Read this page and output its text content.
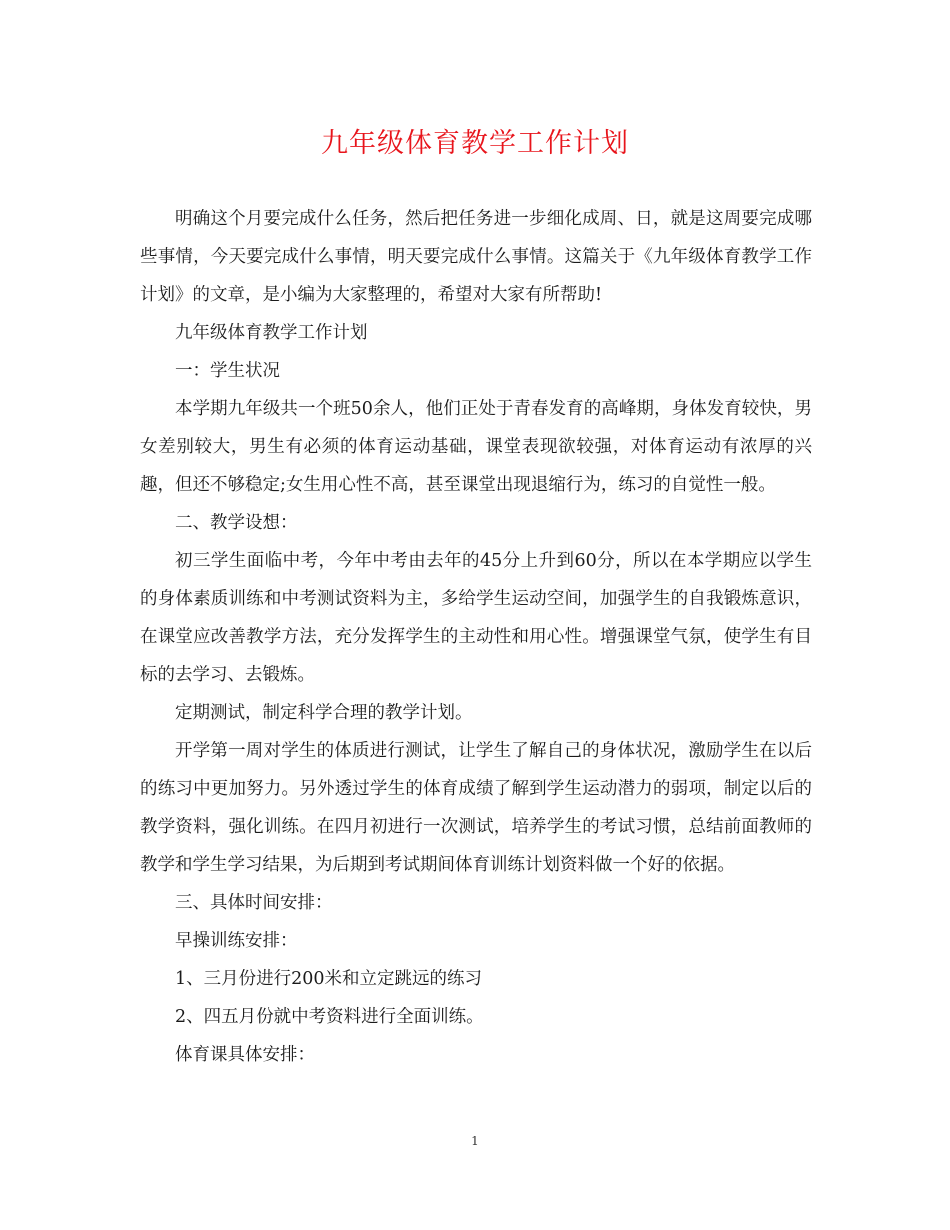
九年级体育教学工作计划

明确这个月要完成什么任务，然后把任务进一步细化成周、日，就是这周要完成哪些事情，今天要完成什么事情，明天要完成什么事情。这篇关于《九年级体育教学工作计划》的文章，是小编为大家整理的，希望对大家有所帮助!

九年级体育教学工作计划

一：学生状况

本学期九年级共一个班50余人，他们正处于青春发育的高峰期，身体发育较快，男女差别较大，男生有必须的体育运动基础，课堂表现欲较强，对体育运动有浓厚的兴趣，但还不够稳定;女生用心性不高，甚至课堂出现退缩行为，练习的自觉性一般。

二、教学设想：

初三学生面临中考，今年中考由去年的45分上升到60分，所以在本学期应以学生的身体素质训练和中考测试资料为主，多给学生运动空间，加强学生的自我锻炼意识，在课堂应改善教学方法，充分发挥学生的主动性和用心性。增强课堂气氛，使学生有目标的去学习、去锻炼。

定期测试，制定科学合理的教学计划。

开学第一周对学生的体质进行测试，让学生了解自己的身体状况，激励学生在以后的练习中更加努力。另外透过学生的体育成绩了解到学生运动潜力的弱项，制定以后的教学资料，强化训练。在四月初进行一次测试，培养学生的考试习惯，总结前面教师的教学和学生学习结果，为后期到考试期间体育训练计划资料做一个好的依据。

三、具体时间安排：

早操训练安排：

1、三月份进行200米和立定跳远的练习

2、四五月份就中考资料进行全面训练。

体育课具体安排：

1
